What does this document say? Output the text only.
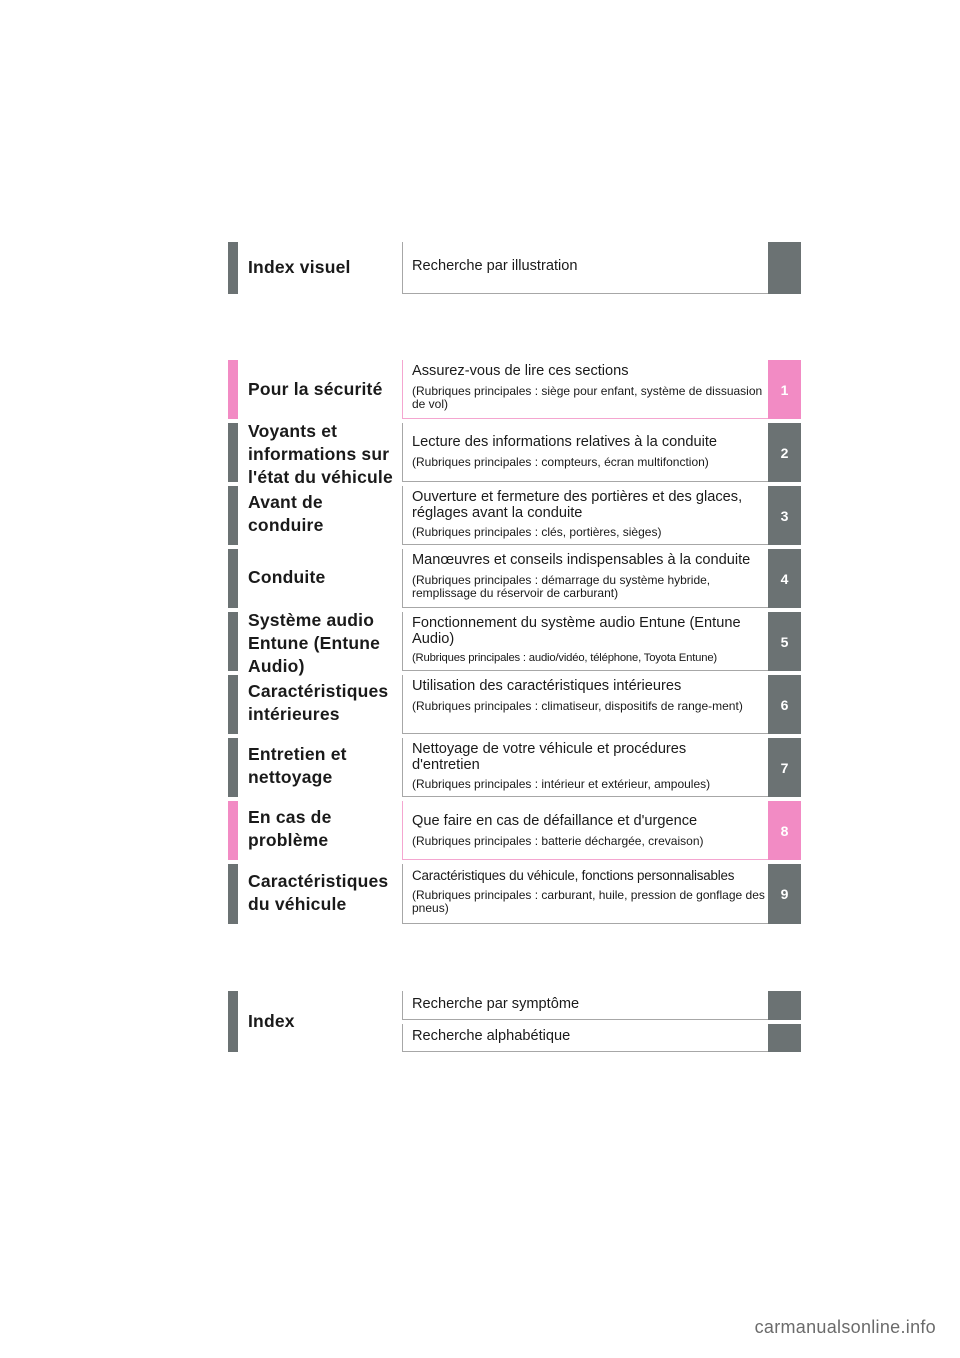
Index visuel	Recherche par illustration
Pour la sécurité
Assurez-vous de lire ces sections
(Rubriques principales : siège pour enfant, système de dissuasion de vol)
1
Voyants et informations sur l'état du véhicule
Lecture des informations relatives à la conduite
(Rubriques principales : compteurs, écran multifonction)
2
Avant de conduire
Ouverture et fermeture des portières et des glaces, réglages avant la conduite
(Rubriques principales : clés, portières, sièges)
3
Conduite
Manœuvres et conseils indispensables à la conduite
(Rubriques principales : démarrage du système hybride, remplissage du réservoir de carburant)
4
Système audio Entune (Entune Audio)
Fonctionnement du système audio Entune (Entune Audio)
(Rubriques principales : audio/vidéo, téléphone, Toyota Entune)
5
Caractéristiques intérieures
Utilisation des caractéristiques intérieures
(Rubriques principales : climatiseur, dispositifs de range-ment)	6
Entretien et nettoyage
Nettoyage de votre véhicule et procédures d'entretien
(Rubriques principales : intérieur et extérieur, ampoules)
7
En cas de problème
Que faire en cas de défaillance et d'urgence
(Rubriques principales : batterie déchargée, crevaison)
8
Caractéristiques du véhicule
Caractéristiques du véhicule, fonctions personnalisables
(Rubriques principales : carburant, huile, pression de gonflage des pneus)
9
Index
Recherche par symptôme
Recherche alphabétique
carmanualsonline.info
